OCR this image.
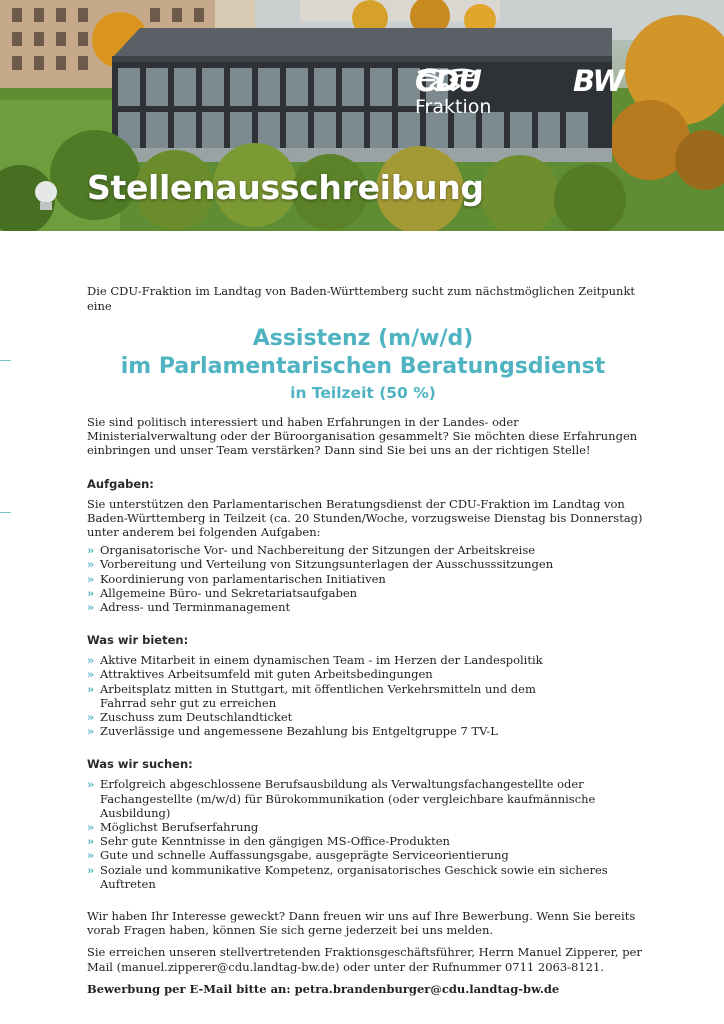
CDU	BW
Fraktion
Stellenausschreibung
Die CDU-Fraktion im Landtag von Baden-Württemberg sucht zum nächstmöglichen Zeitpunkt eine
Assistenz (m/w/d)
im Parlamentarischen Beratungsdienst
in Teilzeit (50 %)

Sie sind politisch interessiert und haben Erfahrungen in der Landes- oder Ministerialverwaltung oder der Büroorganisation gesammelt? Sie möchten diese Erfahrungen einbringen und unser Team verstärken? Dann sind Sie bei uns an der richtigen Stelle!

Aufgaben:

Sie unterstützen den Parlamentarischen Beratungsdienst der CDU-Fraktion im Landtag von Baden-Württemberg in Teilzeit (ca. 20 Stunden/Woche, vorzugsweise Dienstag bis Donnerstag) unter anderem bei folgenden Aufgaben:

» Organisatorische Vor- und Nachbereitung der Sitzungen der Arbeitskreise
» Vorbereitung und Verteilung von Sitzungsunterlagen der Ausschusssitzungen
» Koordinierung von parlamentarischen Initiativen
» Allgemeine Büro- und Sekretariatsaufgaben
» Adress- und Terminmanagement
Was wir bieten:
» Aktive Mitarbeit in einem dynamischen Team - im Herzen der Landespolitik
» Attraktives Arbeitsumfeld mit guten Arbeitsbedingungen
» Arbeitsplatz mitten in Stuttgart, mit öffentlichen Verkehrsmitteln und dem Fahrrad sehr gut zu erreichen
» Zuschuss zum Deutschlandticket
» Zuverlässige und angemessene Bezahlung bis Entgeltgruppe 7 TV-L
Was wir suchen:
» Erfolgreich abgeschlossene Berufsausbildung als Verwaltungsfachangestellte oder Fachangestellte (m/w/d) für Bürokommunikation (oder vergleichbare kaufmännische Ausbildung)
» Möglichst Berufserfahrung
» Sehr gute Kenntnisse in den gängigen MS-Office-Produkten
» Gute und schnelle Auffassungsgabe, ausgeprägte Serviceorientierung
» Soziale und kommunikative Kompetenz, organisatorisches Geschick sowie ein sicheres Auftreten

Wir haben Ihr Interesse geweckt? Dann freuen wir uns auf Ihre Bewerbung. Wenn Sie bereits vorab Fragen haben, können Sie sich gerne jederzeit bei uns melden.

Sie erreichen unseren stellvertretenden Fraktionsgeschäftsführer, Herrn Manuel Zipperer, per Mail (manuel.zipperer@cdu.landtag-bw.de) oder unter der Rufnummer 0711 2063-8121.

Bewerbung per E-Mail bitte an: petra.brandenburger@cdu.landtag-bw.de
